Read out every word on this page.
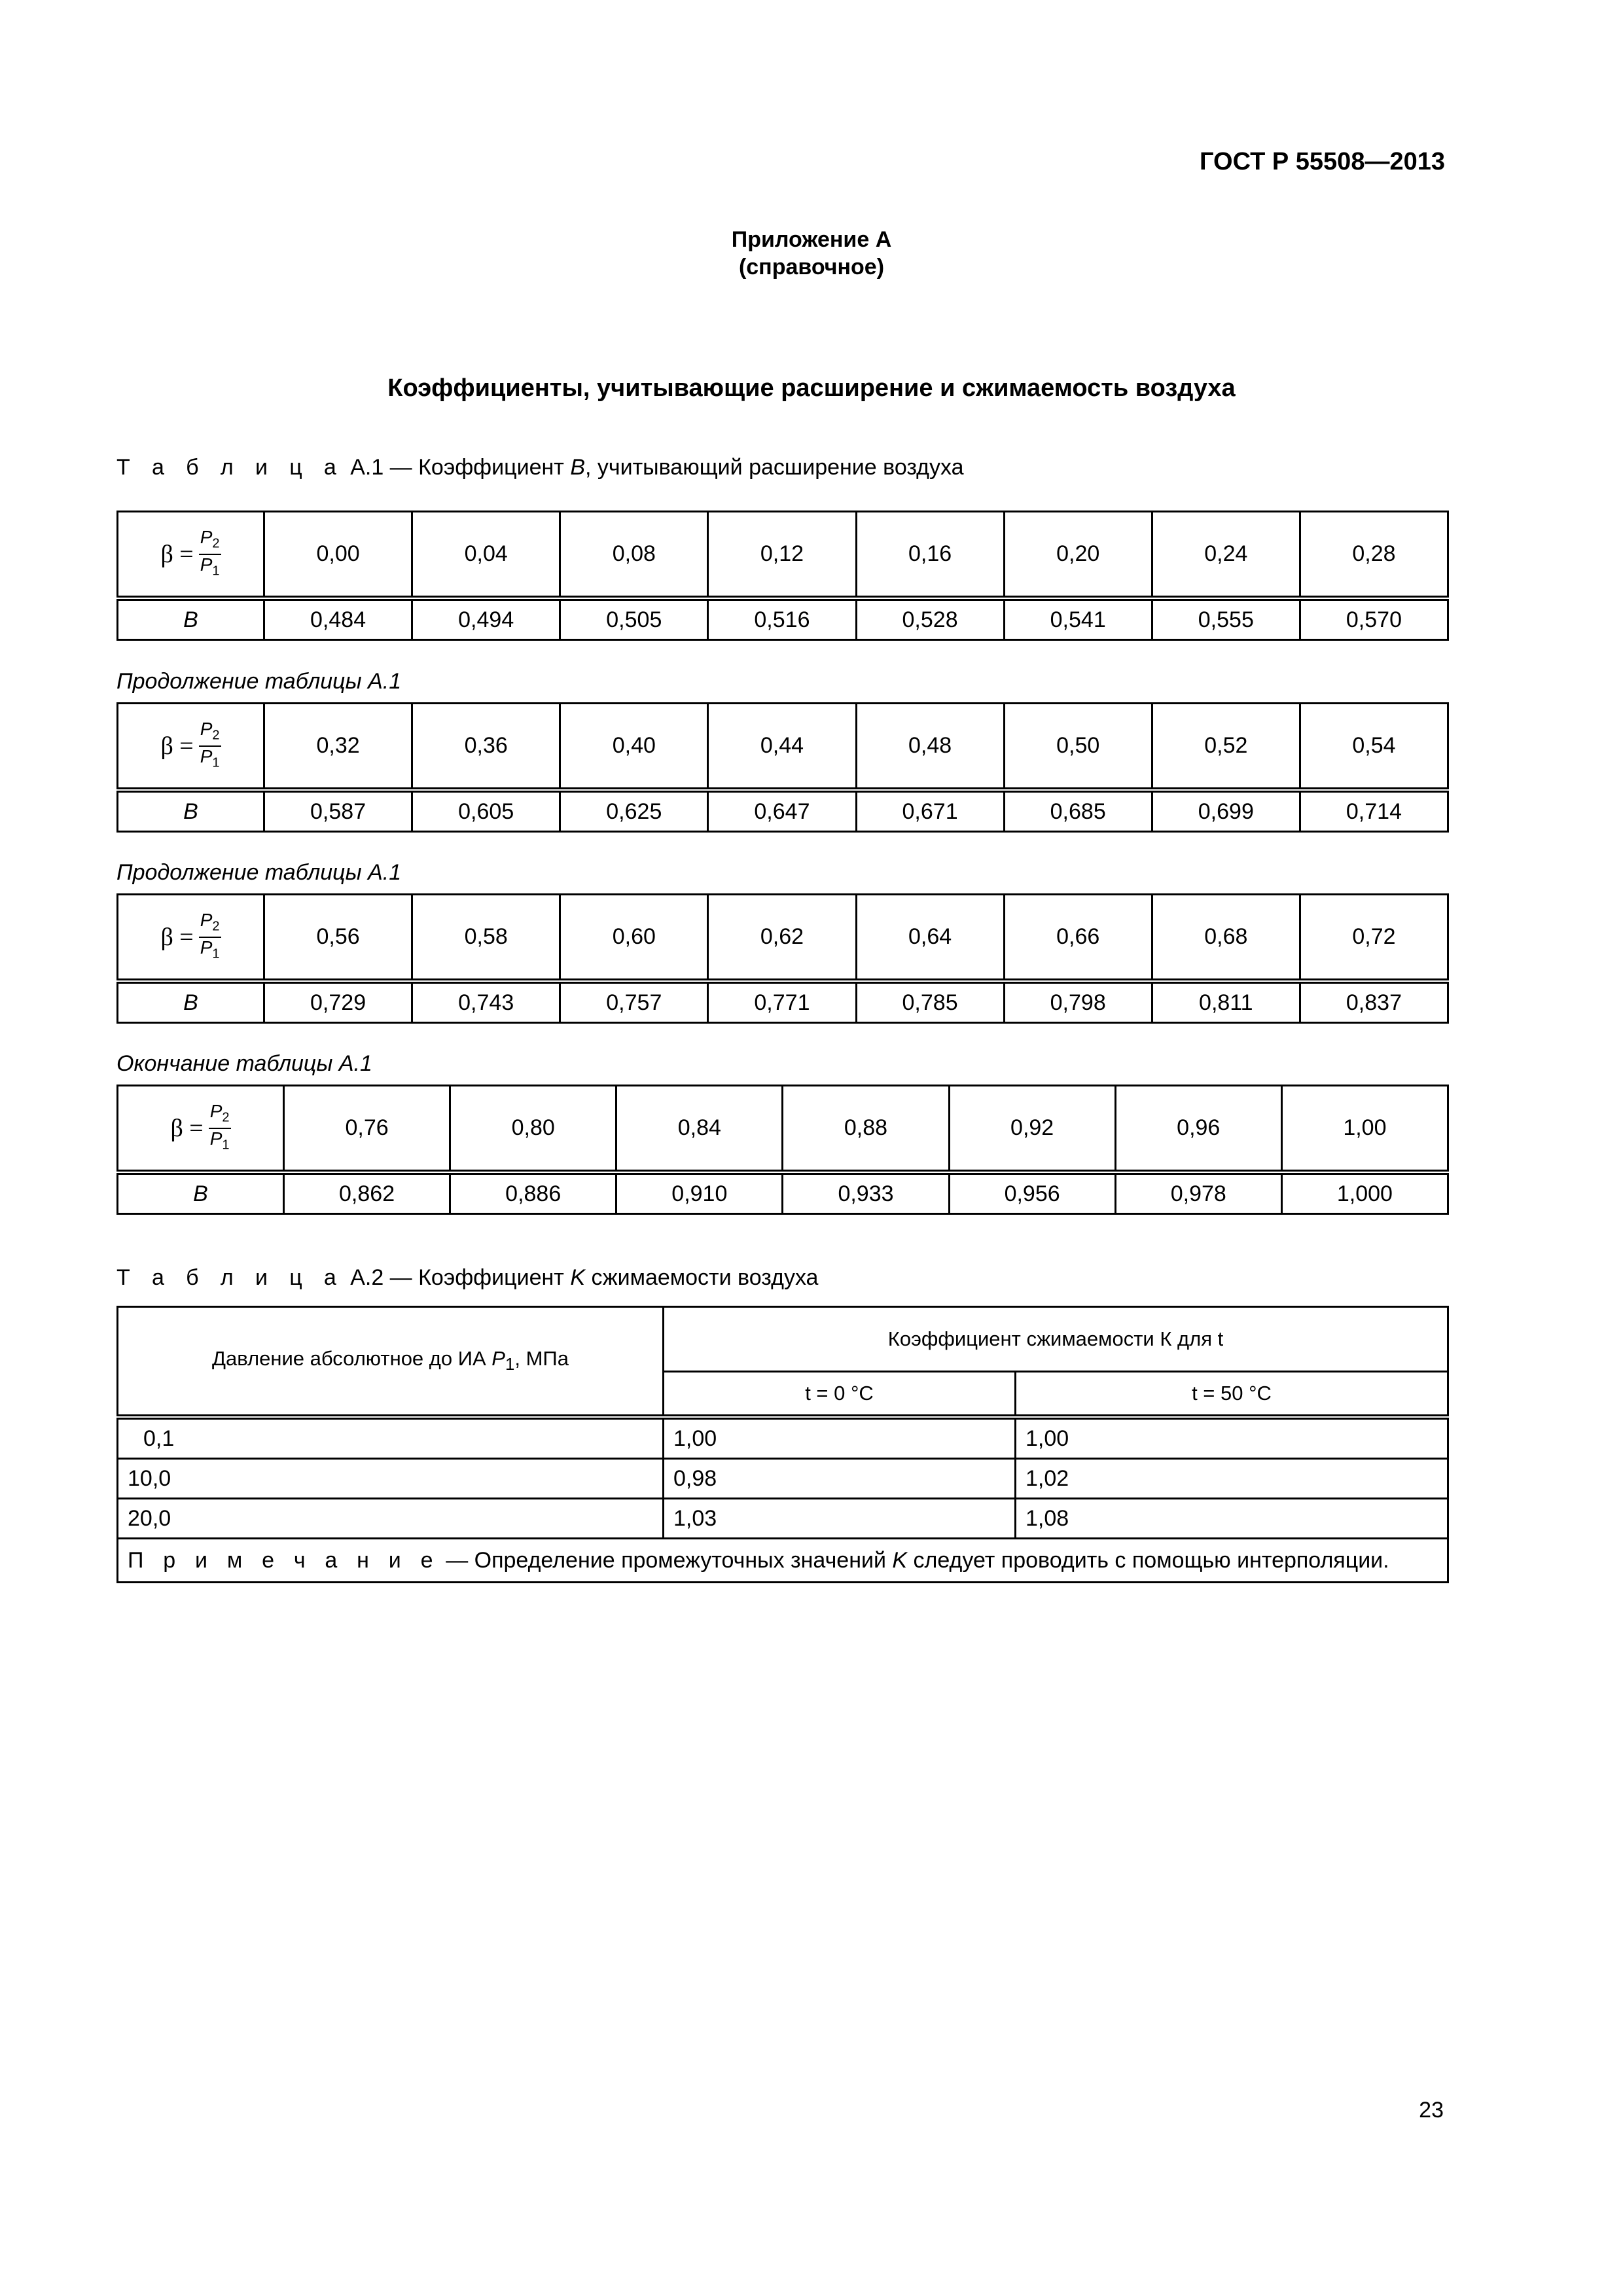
ГОСТ Р 55508—2013
Приложение А
(справочное)
Коэффициенты, учитывающие расширение и сжимаемость воздуха
Т а б л и ц а А.1 — Коэффициент B, учитывающий расширение воздуха
$\beta = \frac{P_2}{P_1}$	0,00	0,04	0,08	0,12	0,16	0,20	0,24	0,28
B	0,484	0,494	0,505	0,516	0,528	0,541	0,555	0,570
Продолжение таблицы А.1
$\beta = \frac{P_2}{P_1}$	0,32	0,36	0,40	0,44	0,48	0,50	0,52	0,54
B	0,587	0,605	0,625	0,647	0,671	0,685	0,699	0,714
Продолжение таблицы А.1
$\beta = \frac{P_2}{P_1}$	0,56	0,58	0,60	0,62	0,64	0,66	0,68	0,72
B	0,729	0,743	0,757	0,771	0,785	0,798	0,811	0,837
Окончание таблицы А.1
$\beta = \frac{P_2}{P_1}$	0,76	0,80	0,84	0,88	0,92	0,96	1,00
B	0,862	0,886	0,910	0,933	0,956	0,978	1,000
Т а б л и ц а А.2 — Коэффициент K сжимаемости воздуха
Давление абсолютное до ИА $P_1$, МПа	Коэффициент сжимаемости К для t	
	t = 0 °С	t = 50 °С
0,1	1,00	1,00
10,0	0,98	1,02
20,0	1,03	1,08
П р и м е ч а н и е — Определение промежуточных значений K следует проводить с помощью интерполяции.		
23
